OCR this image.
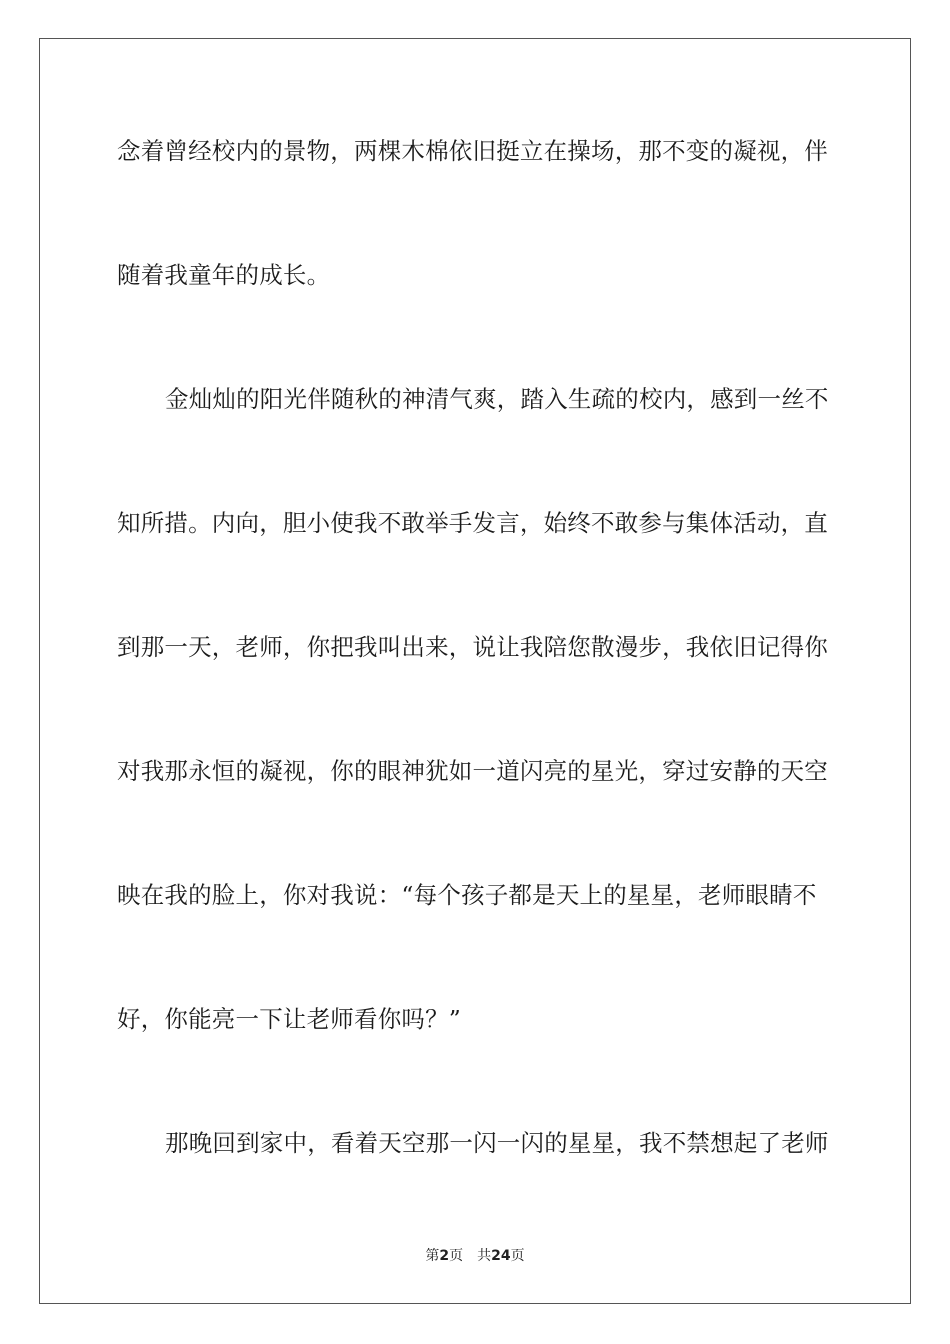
念着曾经校内的景物，两棵木棉依旧挺立在操场，那不变的凝视，伴
随着我童年的成长。
金灿灿的阳光伴随秋的神清气爽，踏入生疏的校内，感到一丝不
知所措。内向，胆小使我不敢举手发言，始终不敢参与集体活动，直
到那一天，老师，你把我叫出来，说让我陪您散漫步，我依旧记得你
对我那永恒的凝视，你的眼神犹如一道闪亮的星光，穿过安静的天空
映在我的脸上，你对我说：“每个孩子都是天上的星星，老师眼睛不
好，你能亮一下让老师看你吗？”
那晚回到家中，看着天空那一闪一闪的星星，我不禁想起了老师
第2页 共24页
